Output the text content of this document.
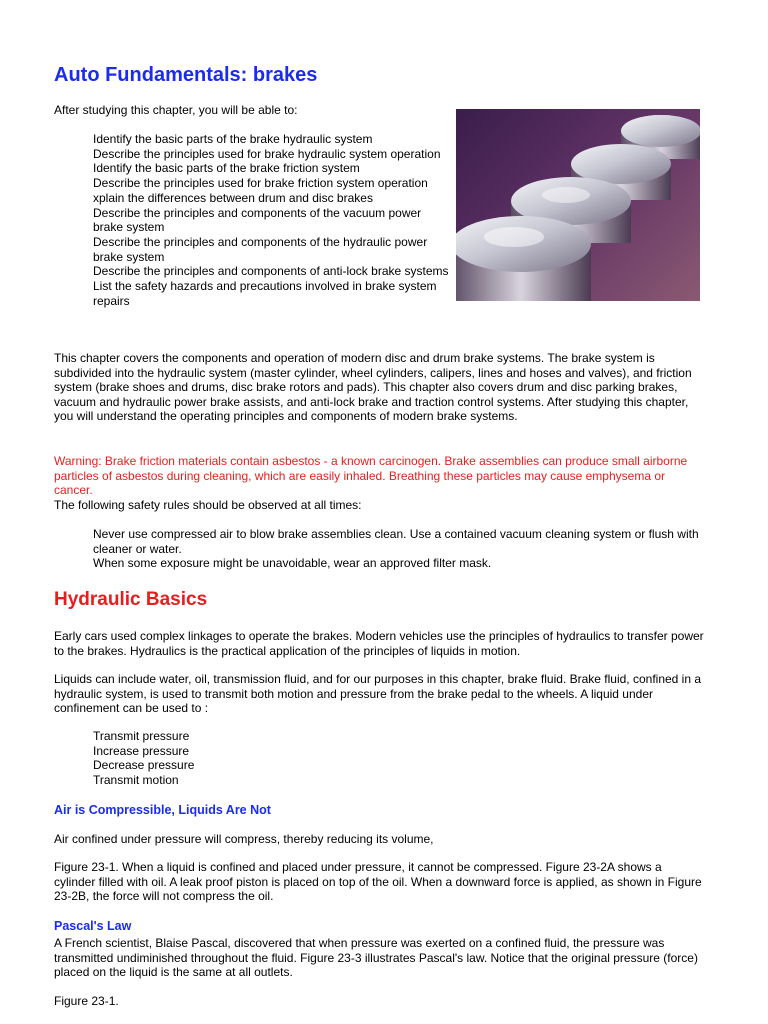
Auto Fundamentals: brakes

After studying this chapter, you will be able to:

Identify the basic parts of the brake hydraulic system
Describe the principles used for brake hydraulic system operation
Identify the basic parts of the brake friction system
Describe the principles used for brake friction system operation
xplain the differences between drum and disc brakes
Describe the principles and components of the vacuum power brake system
Describe the principles and components of the hydraulic power brake system
Describe the principles and components of anti-lock brake systems
List the safety hazards and precautions involved in brake system repairs

This chapter covers the components and operation of modern disc and drum brake systems. The brake system is subdivided into the hydraulic system (master cylinder, wheel cylinders, calipers, lines and hoses and valves), and friction system (brake shoes and drums, disc brake rotors and pads). This chapter also covers drum and disc parking brakes, vacuum and hydraulic power brake assists, and anti-lock brake and traction control systems. After studying this chapter, you will understand the operating principles and components of modern brake systems.

Warning: Brake friction materials contain asbestos - a known carcinogen. Brake assemblies can produce small airborne particles of asbestos during cleaning, which are easily inhaled. Breathing these particles may cause emphysema or cancer.

The following safety rules should be observed at all times:

Never use compressed air to blow brake assemblies clean. Use a contained vacuum cleaning system or flush with cleaner or water.
When some exposure might be unavoidable, wear an approved filter mask.
Hydraulic Basics

Early cars used complex linkages to operate the brakes. Modern vehicles use the principles of hydraulics to transfer power to the brakes. Hydraulics is the practical application of the principles of liquids in motion.

Liquids can include water, oil, transmission fluid, and for our purposes in this chapter, brake fluid. Brake fluid, confined in a hydraulic system, is used to transmit both motion and pressure from the brake pedal to the wheels. A liquid under confinement can be used to :

Transmit pressure
Increase pressure
Decrease pressure
Transmit motion
Air is Compressible, Liquids Are Not

Air confined under pressure will compress, thereby reducing its volume,

Figure 23-1. When a liquid is confined and placed under pressure, it cannot be compressed. Figure 23-2A shows a cylinder filled with oil. A leak proof piston is placed on top of the oil. When a downward force is applied, as shown in Figure 23-2B, the force will not compress the oil.

Pascal's Law

A French scientist, Blaise Pascal, discovered that when pressure was exerted on a confined fluid, the pressure was transmitted undiminished throughout the fluid. Figure 23-3 illustrates Pascal's law. Notice that the original pressure (force) placed on the liquid is the same at all outlets.

Figure 23-1.
